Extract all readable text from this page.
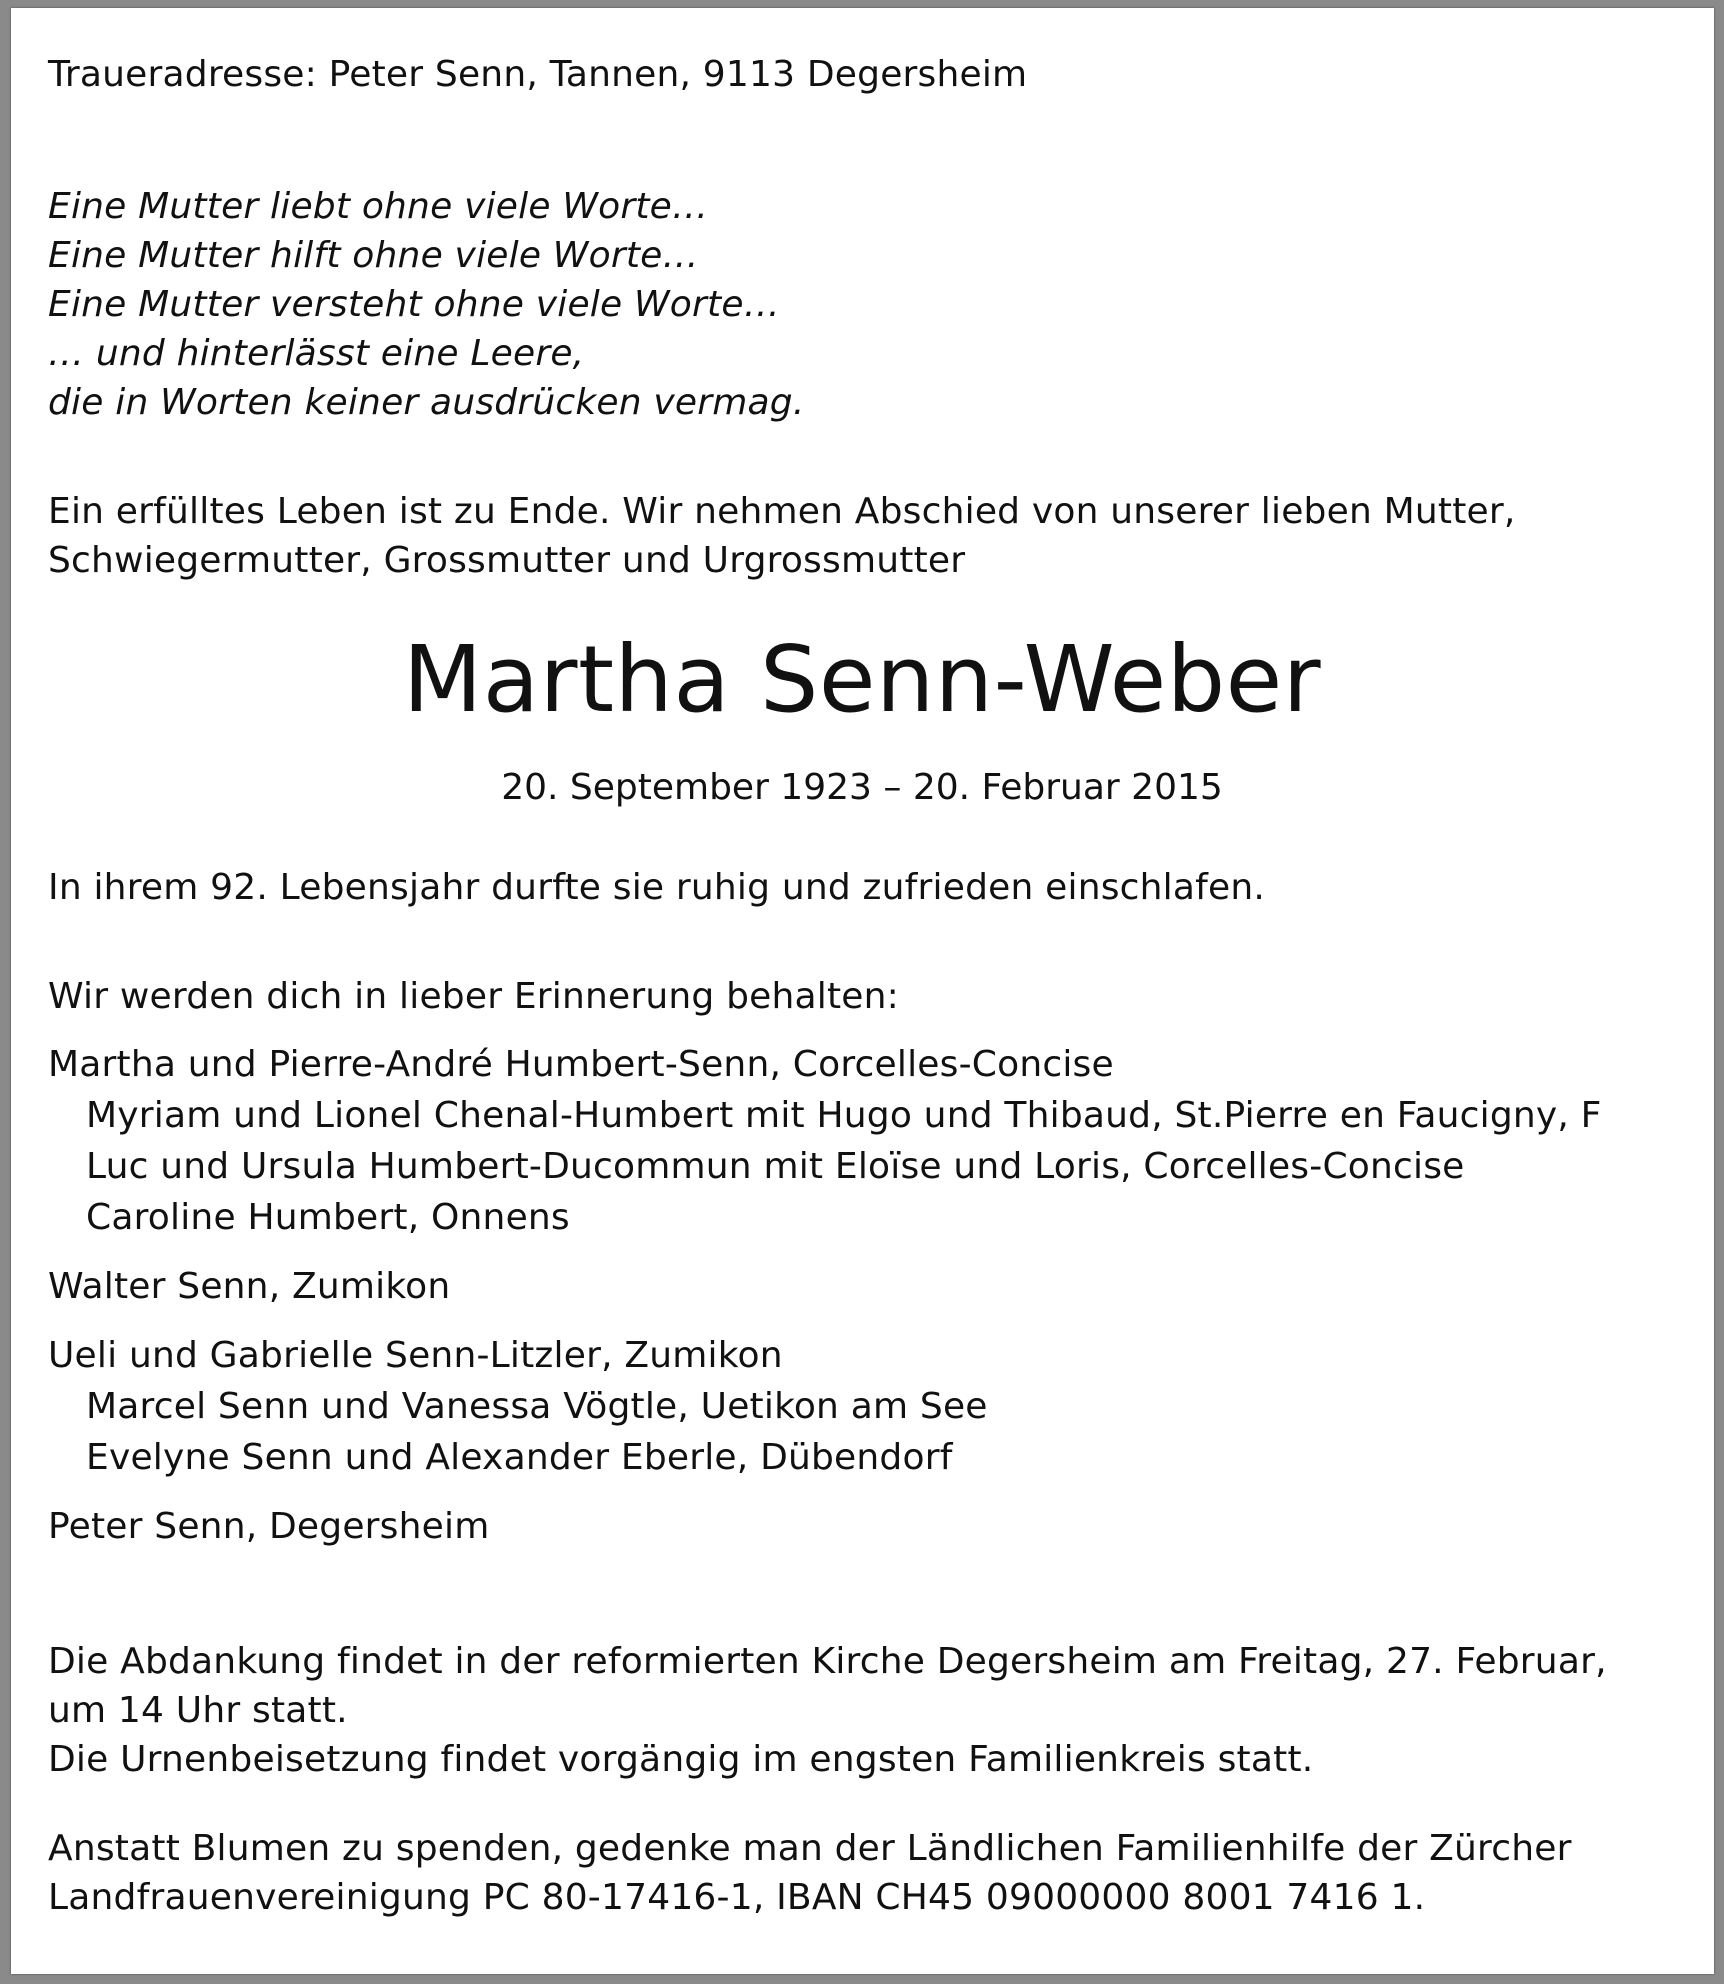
Traueradresse: Peter Senn, Tannen, 9113 Degersheim
Eine Mutter liebt ohne viele Worte…
Eine Mutter hilft ohne viele Worte…
Eine Mutter versteht ohne viele Worte…
… und hinterlässt eine Leere,
die in Worten keiner ausdrücken vermag.
Ein erfülltes Leben ist zu Ende. Wir nehmen Abschied von unserer lieben Mutter,
Schwiegermutter, Grossmutter und Urgrossmutter
Martha Senn-Weber
20. September 1923 – 20. Februar 2015
In ihrem 92. Lebensjahr durfte sie ruhig und zufrieden einschlafen.
Wir werden dich in lieber Erinnerung behalten:
Martha und Pierre-André Humbert-Senn, Corcelles-Concise
Myriam und Lionel Chenal-Humbert mit Hugo und Thibaud, St.Pierre en Faucigny, F
Luc und Ursula Humbert-Ducommun mit Eloïse und Loris, Corcelles-Concise
Caroline Humbert, Onnens
Walter Senn, Zumikon
Ueli und Gabrielle Senn-Litzler, Zumikon
Marcel Senn und Vanessa Vögtle, Uetikon am See
Evelyne Senn und Alexander Eberle, Dübendorf
Peter Senn, Degersheim
Die Abdankung findet in der reformierten Kirche Degersheim am Freitag, 27. Februar,
um 14 Uhr statt.
Die Urnenbeisetzung findet vorgängig im engsten Familienkreis statt.
Anstatt Blumen zu spenden, gedenke man der Ländlichen Familienhilfe der Zürcher
Landfrauenvereinigung PC 80-17416-1, IBAN CH45 09000000 8001 7416 1.
